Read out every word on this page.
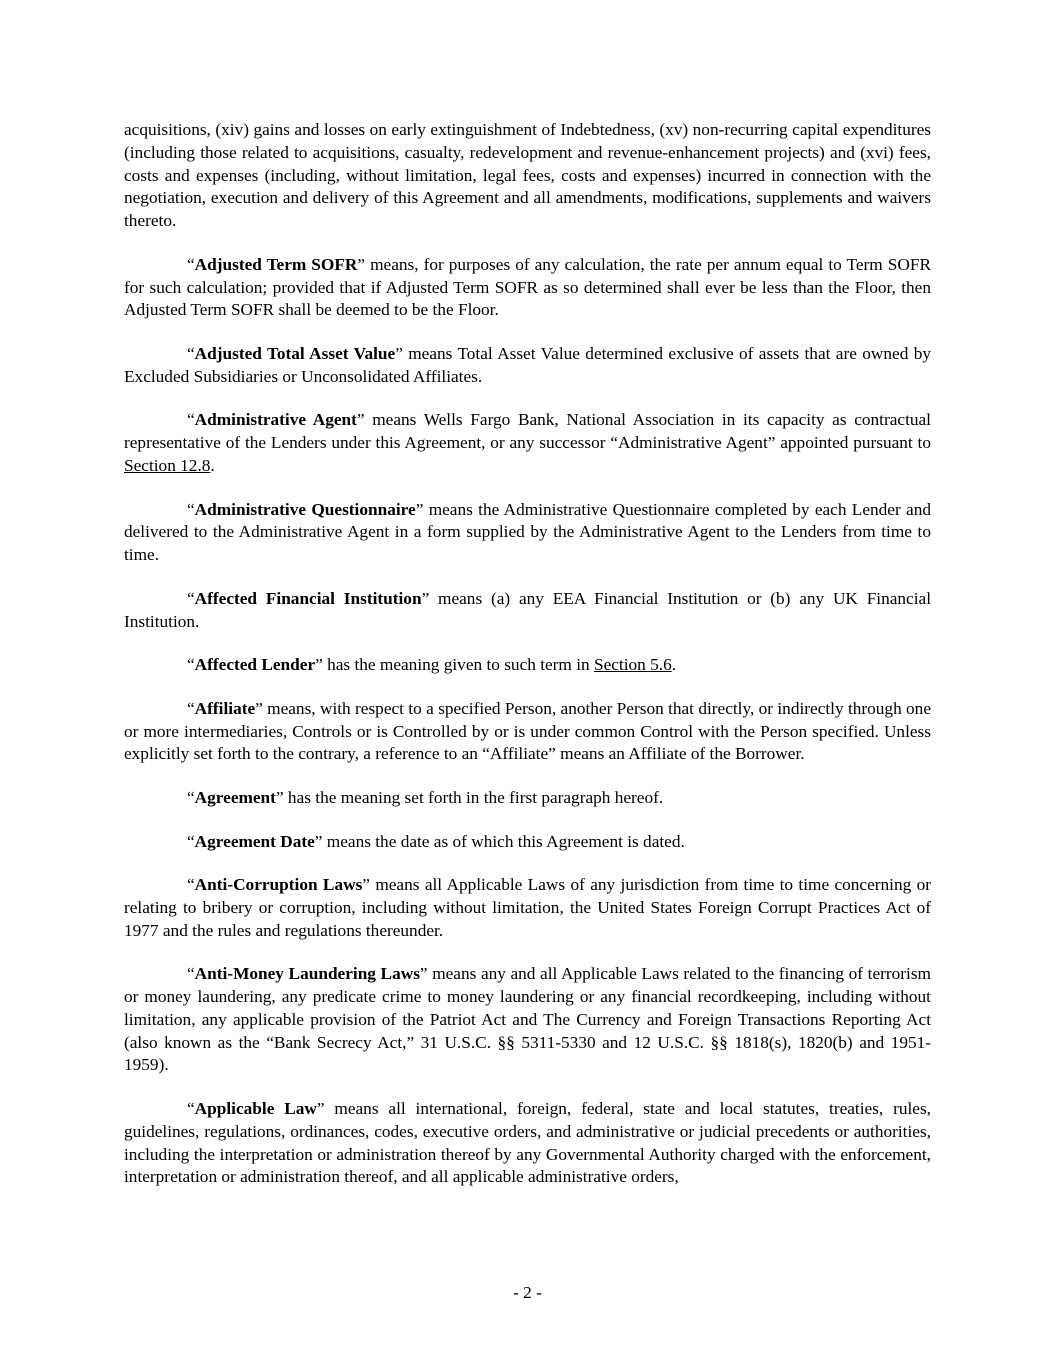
acquisitions, (xiv) gains and losses on early extinguishment of Indebtedness, (xv) non-recurring capital expenditures (including those related to acquisitions, casualty, redevelopment and revenue-enhancement projects) and (xvi) fees, costs and expenses (including, without limitation, legal fees, costs and expenses) incurred in connection with the negotiation, execution and delivery of this Agreement and all amendments, modifications, supplements and waivers thereto.

“Adjusted Term SOFR” means, for purposes of any calculation, the rate per annum equal to Term SOFR for such calculation; provided that if Adjusted Term SOFR as so determined shall ever be less than the Floor, then Adjusted Term SOFR shall be deemed to be the Floor.

“Adjusted Total Asset Value” means Total Asset Value determined exclusive of assets that are owned by Excluded Subsidiaries or Unconsolidated Affiliates.

“Administrative Agent” means Wells Fargo Bank, National Association in its capacity as contractual representative of the Lenders under this Agreement, or any successor “Administrative Agent” appointed pursuant to Section 12.8.

“Administrative Questionnaire” means the Administrative Questionnaire completed by each Lender and delivered to the Administrative Agent in a form supplied by the Administrative Agent to the Lenders from time to time.

“Affected Financial Institution” means (a) any EEA Financial Institution or (b) any UK Financial Institution.

“Affected Lender” has the meaning given to such term in Section 5.6.

“Affiliate” means, with respect to a specified Person, another Person that directly, or indirectly through one or more intermediaries, Controls or is Controlled by or is under common Control with the Person specified. Unless explicitly set forth to the contrary, a reference to an “Affiliate” means an Affiliate of the Borrower.

“Agreement” has the meaning set forth in the first paragraph hereof.

“Agreement Date” means the date as of which this Agreement is dated.

“Anti-Corruption Laws” means all Applicable Laws of any jurisdiction from time to time concerning or relating to bribery or corruption, including without limitation, the United States Foreign Corrupt Practices Act of 1977 and the rules and regulations thereunder.

“Anti-Money Laundering Laws” means any and all Applicable Laws related to the financing of terrorism or money laundering, any predicate crime to money laundering or any financial recordkeeping, including without limitation, any applicable provision of the Patriot Act and The Currency and Foreign Transactions Reporting Act (also known as the “Bank Secrecy Act,” 31 U.S.C. §§ 5311-5330 and 12 U.S.C. §§ 1818(s), 1820(b) and 1951-1959).

“Applicable Law” means all international, foreign, federal, state and local statutes, treaties, rules, guidelines, regulations, ordinances, codes, executive orders, and administrative or judicial precedents or authorities, including the interpretation or administration thereof by any Governmental Authority charged with the enforcement, interpretation or administration thereof, and all applicable administrative orders,

- 2 -
